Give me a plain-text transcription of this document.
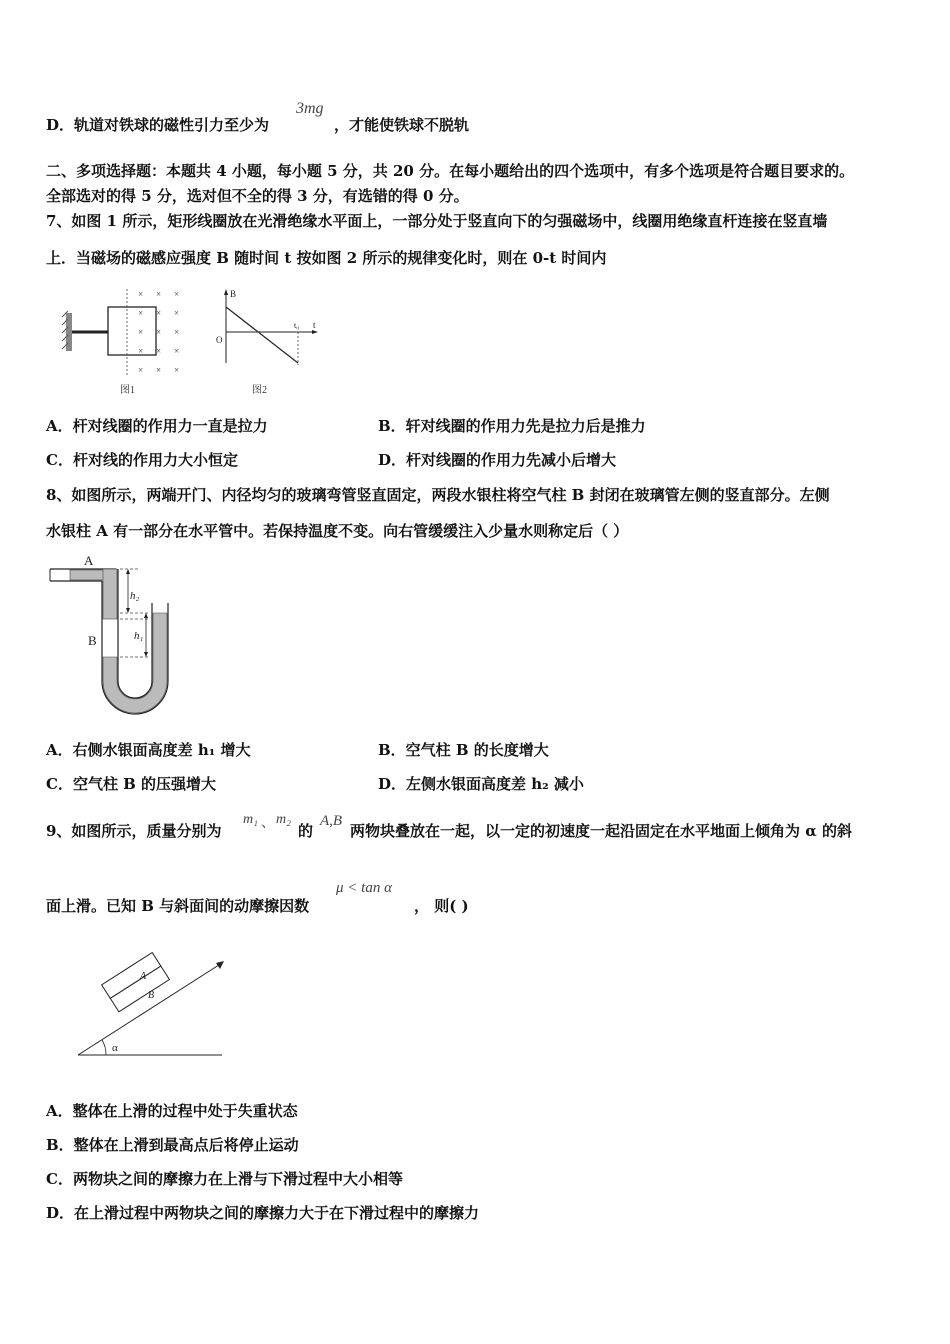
D．轨道对铁球的磁性引力至少为
3mg
，才能使铁球不脱轨
二、多项选择题：本题共 4 小题，每小题 5 分，共 20 分。在每小题给出的四个选项中，有多个选项是符合题目要求的。
全部选对的得 5 分，选对但不全的得 3 分，有选错的得 0 分。
7、如图 1 所示，矩形线圈放在光滑绝缘水平面上，一部分处于竖直向下的匀强磁场中，线圈用绝缘直杆连接在竖直墙
上．当磁场的磁感应强度 B 随时间 t 按如图 2 所示的规律变化时，则在 0-t 时间内
× × ×
× × ×
× × ×
× × ×
× × ×
图1
B
t
O
t₀
图2
A．杆对线圈的作用力一直是拉力	B．轩对线圈的作用力先是拉力后是推力
C．杆对线的作用力大小恒定	D．杆对线圈的作用力先减小后增大
8、如图所示，两端开门、内径均匀的玻璃弯管竖直固定，两段水银柱将空气柱 B 封闭在玻璃管左侧的竖直部分。左侧
水银柱 A 有一部分在水平管中。若保持温度不变。向右管缓缓注入少量水则称定后（ ）
A
B
h₂
h₁
A．右侧水银面高度差 h₁ 增大	B．空气柱 B 的长度增大
C．空气柱 B 的压强增大	D．左侧水银面高度差 h₂ 减小
9、如图所示，质量分别为
m₁ 、 m₂
的
A,B
两物块叠放在一起，以一定的初速度一起沿固定在水平地面上倾角为 α 的斜
面上滑。已知 B 与斜面间的动摩擦因数
μ < tan α
， 则( )
A
B
α
A．整体在上滑的过程中处于失重状态
B．整体在上滑到最高点后将停止运动
C．两物块之间的摩擦力在上滑与下滑过程中大小相等
D．在上滑过程中两物块之间的摩擦力大于在下滑过程中的摩擦力
